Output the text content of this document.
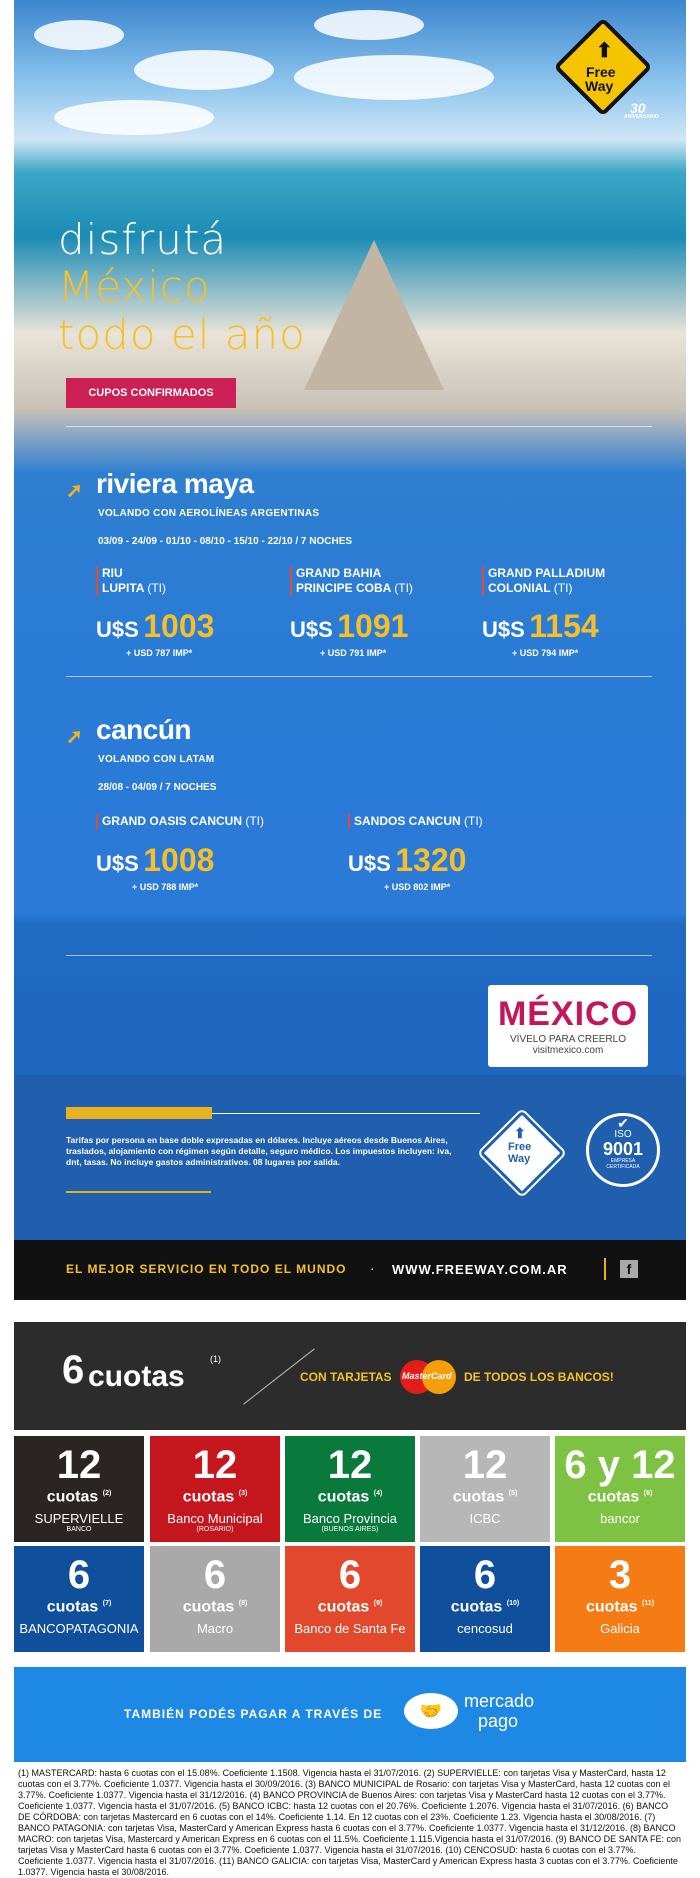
⬆
Free
Way
30
ANIVERSARIO
disfrutá
México
todo el año
CUPOS CONFIRMADOS
➚ riviera maya
VOLANDO CON AEROLÍNEAS ARGENTINAS
03/09 - 24/09 - 01/10 - 08/10 - 15/10 - 22/10 / 7 NOCHES
RIU
LUPITA (TI)
U$S 1003
+ USD 787 IMP*
GRAND BAHIA
PRINCIPE COBA (TI)
U$S 1091
+ USD 791 IMP*
GRAND PALLADIUM
COLONIAL (TI)
U$S 1154
+ USD 794 IMP*
➚ cancún
VOLANDO CON LATAM
28/08 - 04/09 / 7 NOCHES
GRAND OASIS CANCUN (TI)
U$S 1008
+ USD 788 IMP*
SANDOS CANCUN (TI)
U$S 1320
+ USD 802 IMP*
MÉXICO
VÍVELO PARA CREERLO
visitmexico.com
Tarifas por persona en base doble expresadas en dólares. Incluye aéreos desde Buenos Aires, traslados, alojamiento con régimen según detalle, seguro médico. Los impuestos incluyen: iva, dnt, tasas. No incluye gastos administrativos. 08 lugares por salida.
⬆
Free
Way
✔
ISO
9001
EMPRESA
CERTIFICADA
EL MEJOR SERVICIO EN TODO EL MUNDO · WWW.FREEWAY.COM.AR	f
6 cuotas
(1)
CON TARJETAS MasterCard DE TODOS LOS BANCOS!
12
cuotas $^{(2)}$
SUPERVIELLE
BANCO
12
cuotas $^{(3)}$
Banco Municipal
(ROSARIO)
12
cuotas $^{(4)}$
Banco Provincia
(BUENOS AIRES)
12
cuotas $^{(5)}$
ICBC
6 y 12
cuotas $^{(6)}$
bancor
6
cuotas $^{(7)}$
BANCOPATAGONIA
6
cuotas $^{(8)}$
Macro
6
cuotas $^{(9)}$
Banco de Santa Fe
6
cuotas $^{(10)}$
cencosud
3
cuotas $^{(11)}$
Galicia
TAMBIÉN PODÉS PAGAR A TRAVÉS DE	🤝	mercado
pago
(1) MASTERCARD: hasta 6 cuotas con el 15.08%. Coeficiente 1.1508. Vigencia hasta el 31/07/2016. (2) SUPERVIELLE: con tarjetas Visa y MasterCard, hasta 12 cuotas con el 3.77%. Coeficiente 1.0377. Vigencia hasta el 30/09/2016. (3) BANCO MUNICIPAL de Rosario: con tarjetas Visa y MasterCard, hasta 12 cuotas con el 3.77%. Coeficiente 1.0377. Vigencia hasta el 31/12/2016. (4) BANCO PROVINCIA de Buenos Aires: con tarjetas Visa y MasterCard hasta 12 cuotas con el 3.77%. Coeficiente 1.0377. Vigencia hasta el 31/07/2016. (5) BANCO ICBC: hasta 12 cuotas con el 20.76%. Coeficiente 1.2076. Vigencia hasta el 31/07/2016. (6) BANCO DE CÓRDOBA: con tarjetas Mastercard en 6 cuotas con el 14%. Coeficiente 1.14. En 12 cuotas con el 23%. Coeficiente 1.23. Vigencia hasta el 30/08/2016. (7) BANCO PATAGONIA: con tarjetas Visa, MasterCard y American Express hasta 6 cuotas con el 3.77%. Coeficiente 1.0377. Vigencia hasta el 31/12/2016. (8) BANCO MACRO: con tarjetas Visa, Mastercard y American Express en 6 cuotas con el 11.5%. Coeficiente 1.115.Vigencia hasta el 31/07/2016. (9) BANCO DE SANTA FE: con tarjetas Visa y MasterCard hasta 6 cuotas con el 3.77%. Coeficiente 1.0377. Vigencia hasta el 31/07/2016. (10) CENCOSUD: hasta 6 cuotas con el 3.77%. Coeficiente 1.0377. Vigencia hasta el 31/07/2016. (11) BANCO GALICIA: con tarjetas Visa, MasterCard y American Express hasta 3 cuotas con el 3.77%. Coeficiente 1.0377. Vigencia hasta el 30/08/2016.
